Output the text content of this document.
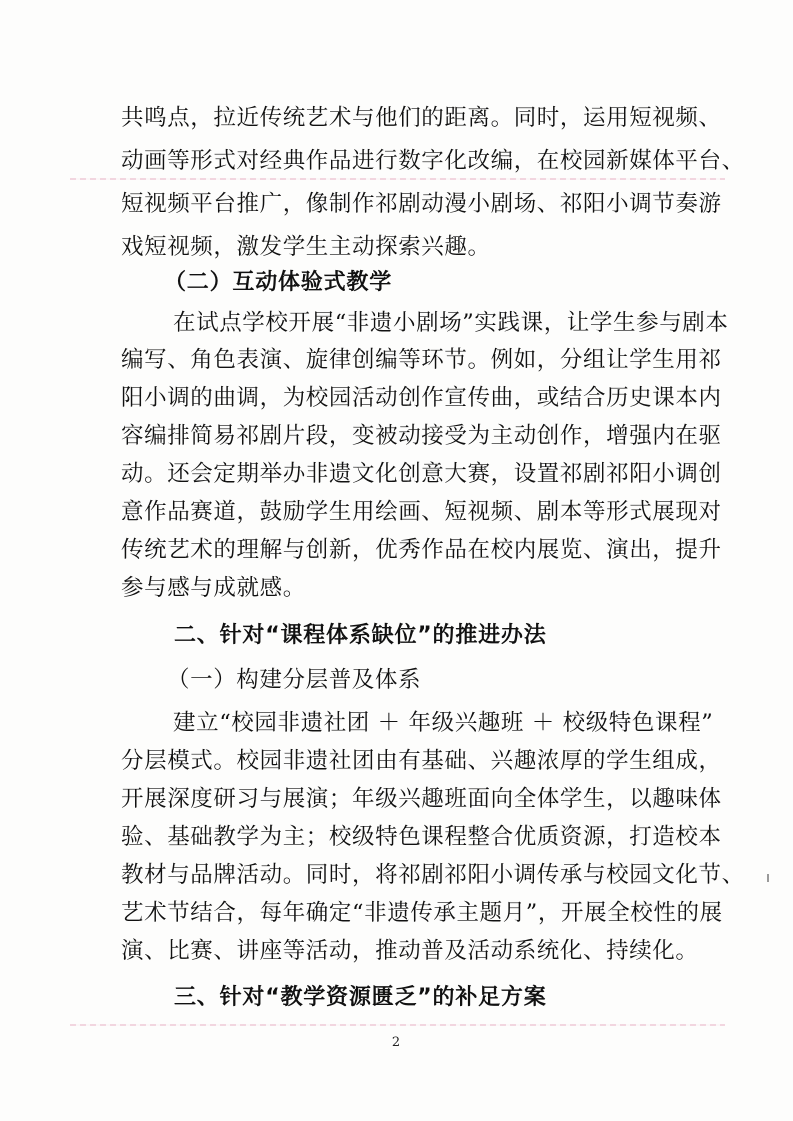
共鸣点，拉近传统艺术与他们的距离。同时，运用短视频、
动画等形式对经典作品进行数字化改编，在校园新媒体平台、
短视频平台推广，像制作祁剧动漫小剧场、祁阳小调节奏游
戏短视频，激发学生主动探索兴趣。
（二）互动体验式教学
在试点学校开展“非遗小剧场”实践课，让学生参与剧本
编写、角色表演、旋律创编等环节。例如，分组让学生用祁
阳小调的曲调，为校园活动创作宣传曲，或结合历史课本内
容编排简易祁剧片段，变被动接受为主动创作，增强内在驱
动。还会定期举办非遗文化创意大赛，设置祁剧祁阳小调创
意作品赛道，鼓励学生用绘画、短视频、剧本等形式展现对
传统艺术的理解与创新，优秀作品在校内展览、演出，提升
参与感与成就感。
二、针对“课程体系缺位”的推进办法
（一）构建分层普及体系
建立“校园非遗社团 ＋ 年级兴趣班 ＋ 校级特色课程”
分层模式。校园非遗社团由有基础、兴趣浓厚的学生组成，
开展深度研习与展演；年级兴趣班面向全体学生，以趣味体
验、基础教学为主；校级特色课程整合优质资源，打造校本
教材与品牌活动。同时，将祁剧祁阳小调传承与校园文化节、
艺术节结合，每年确定“非遗传承主题月”，开展全校性的展
演、比赛、讲座等活动，推动普及活动系统化、持续化。
三、针对“教学资源匮乏”的补足方案
2
